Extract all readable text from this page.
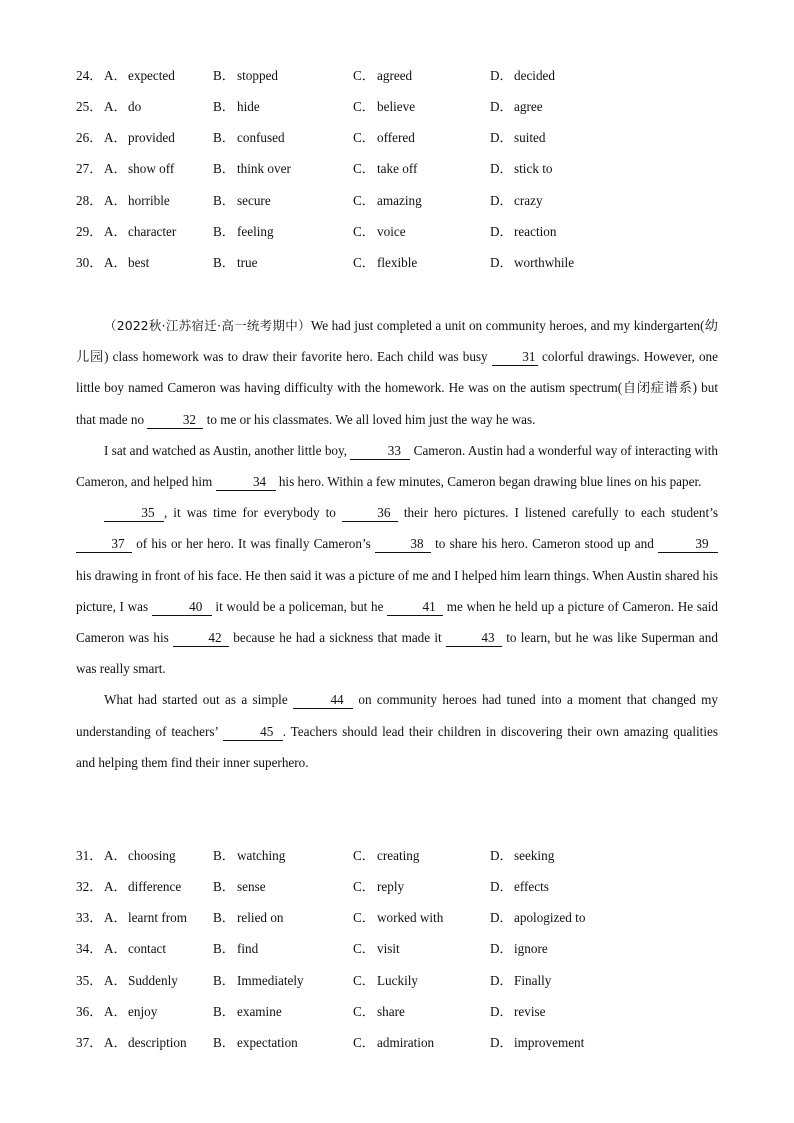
24． A．expected	B． stopped	C． agreed	D．decided
25． A．do	B． hide	C． believe	D．agree
26． A．provided	B． confused	C． offered	D．suited
27． A．show off	B． think over	C． take off	D．stick to
28． A．horrible	B． secure	C． amazing	D．crazy
29． A．character	B． feeling	C． voice	D．reaction
30． A．best	B． true	C． flexible	D．worthwhile

（2022秋·江苏宿迁·高一统考期中）We had just completed a unit on community heroes, and my kindergarten(幼儿园) class homework was to draw their favorite hero. Each child was busy 31 colorful drawings. However, one little boy named Cameron was having difficulty with the homework. He was on the autism spectrum(自闭症谱系) but that made no	32 to me or his classmates. We all loved him just the way he was.

I sat and watched as Austin, another little boy,	33 Cameron. Austin had a wonderful way of interacting with Cameron, and helped him	34 his hero. Within a few minutes, Cameron began drawing blue lines on his paper.

35 , it was time for everybody to	36 their hero pictures. I listened carefully to each student’s 37 of his or her hero. It was finally Cameron’s	38 to share his hero. Cameron stood up and	39 his drawing in front of his face. He then said it was a picture of me and I helped him learn things. When Austin shared his picture, I was	40 it would be a policeman, but he	41 me when he held up a picture of Cameron. He said Cameron was his	42 because he had a sickness that made it	43 to learn, but he was like Superman and was really smart.

What had started out as a simple	44 on community heroes had tuned into a moment that changed my understanding of teachers’	45 . Teachers should lead their children in discovering their own amazing qualities and helping them find their inner superhero.

31． A．choosing	B． watching	C． creating	D．seeking
32． A．difference B． sense	C． reply	D．effects
33． A．learnt from B． relied on	C． worked with	D．apologized to
34． A．contact	B． find	C． visit	D．ignore
35． A．Suddenly	B． Immediately	C． Luckily	D．Finally
36． A．enjoy	B． examine	C． share	D．revise
37． A．description B． expectation	C． admiration	D．improvement
